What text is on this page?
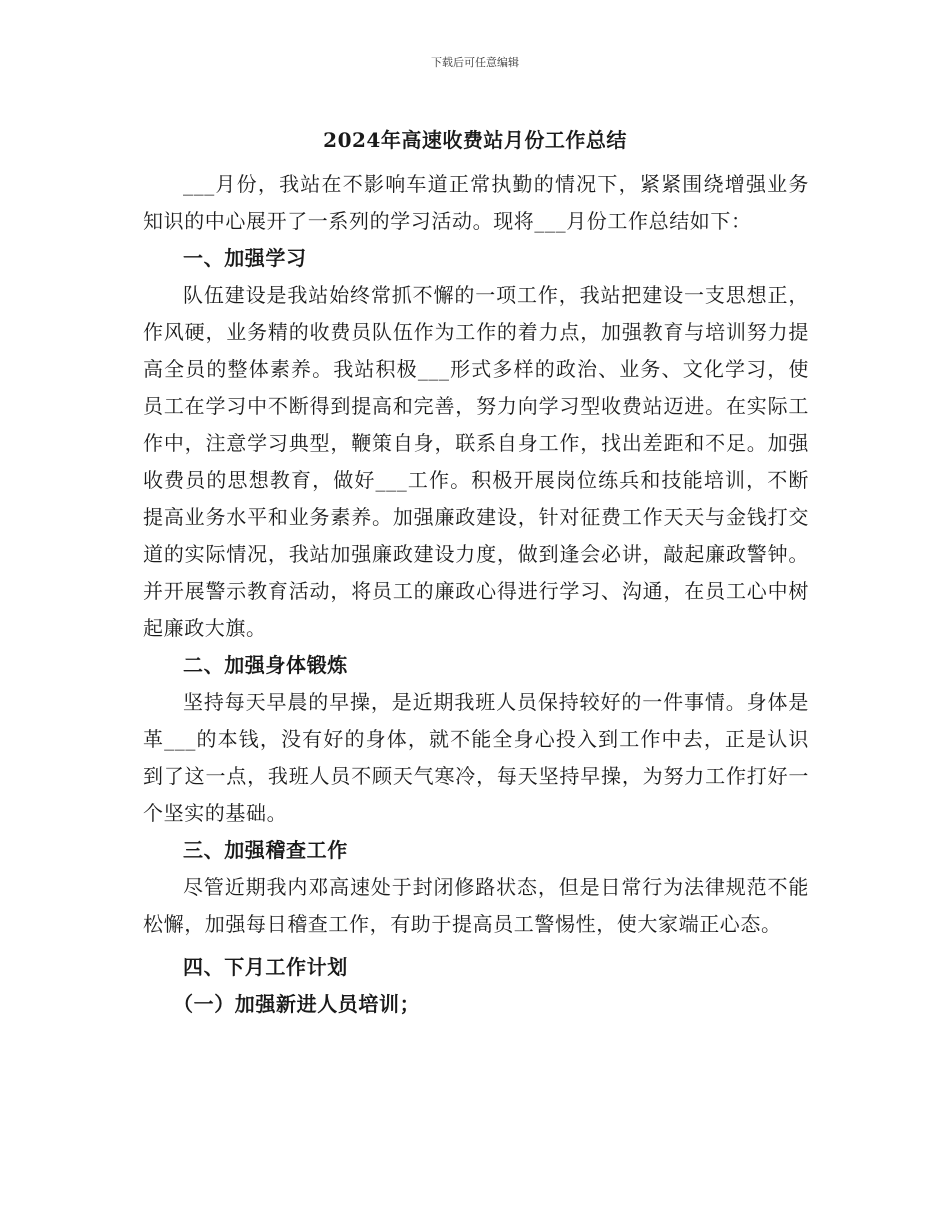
下载后可任意编辑
2024年高速收费站月份工作总结

___月份，我站在不影响车道正常执勤的情况下，紧紧围绕增强业务知识的中心展开了一系列的学习活动。现将___月份工作总结如下：

一、加强学习

队伍建设是我站始终常抓不懈的一项工作，我站把建设一支思想正，作风硬，业务精的收费员队伍作为工作的着力点，加强教育与培训努力提高全员的整体素养。我站积极___形式多样的政治、业务、文化学习，使员工在学习中不断得到提高和完善，努力向学习型收费站迈进。在实际工作中，注意学习典型，鞭策自身，联系自身工作，找出差距和不足。加强收费员的思想教育，做好___工作。积极开展岗位练兵和技能培训，不断提高业务水平和业务素养。加强廉政建设，针对征费工作天天与金钱打交道的实际情况，我站加强廉政建设力度，做到逢会必讲，敲起廉政警钟。并开展警示教育活动，将员工的廉政心得进行学习、沟通，在员工心中树起廉政大旗。

二、加强身体锻炼

坚持每天早晨的早操，是近期我班人员保持较好的一件事情。身体是革___的本钱，没有好的身体，就不能全身心投入到工作中去，正是认识到了这一点，我班人员不顾天气寒冷，每天坚持早操，为努力工作打好一个坚实的基础。

三、加强稽查工作

尽管近期我内邓高速处于封闭修路状态，但是日常行为法律规范不能松懈，加强每日稽查工作，有助于提高员工警惕性，使大家端正心态。

四、下月工作计划

（一）加强新进人员培训；
